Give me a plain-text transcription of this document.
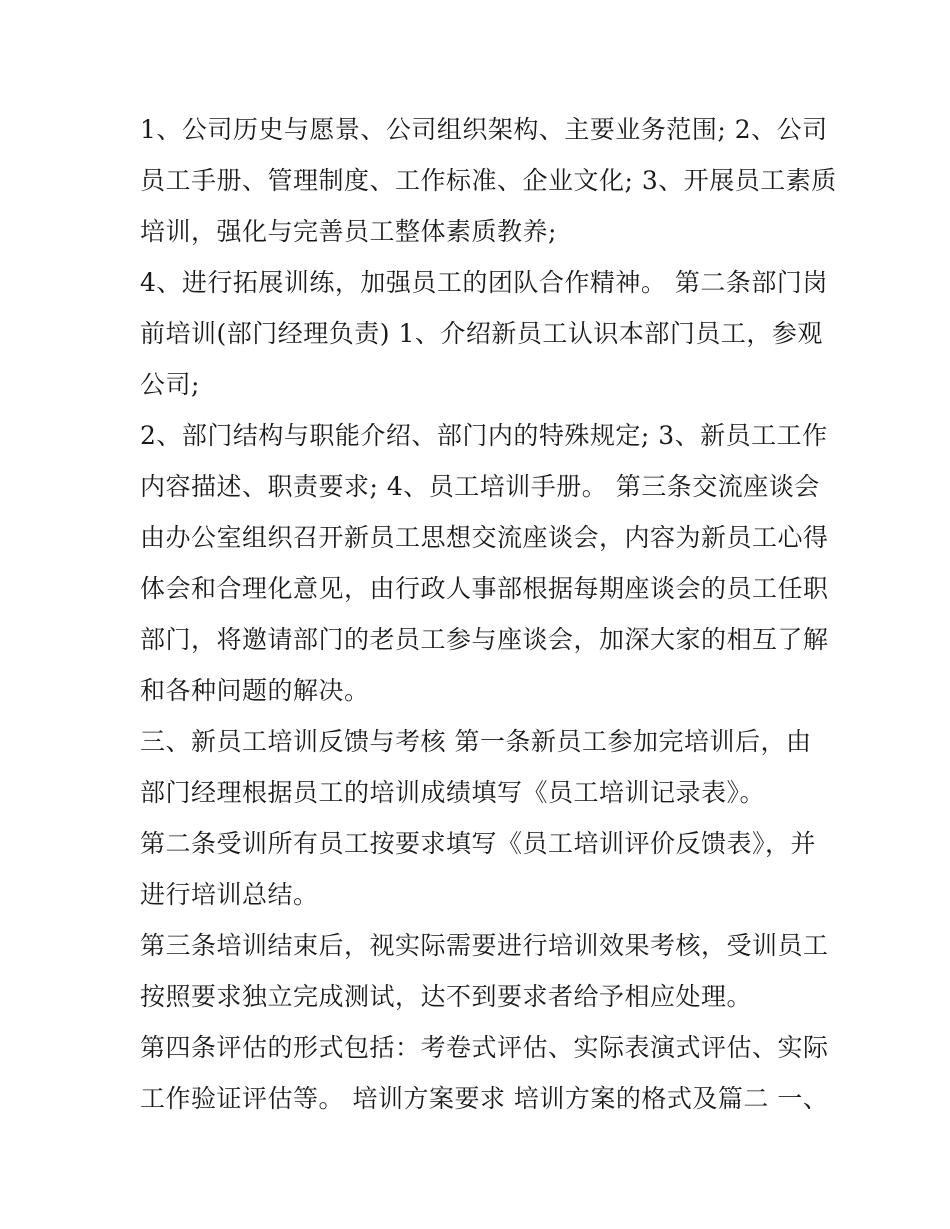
1、公司历史与愿景、公司组织架构、主要业务范围; 2、公司
员工手册、管理制度、工作标准、企业文化; 3、开展员工素质
培训，强化与完善员工整体素质教养;
4、进行拓展训练，加强员工的团队合作精神。 第二条部门岗
前培训(部门经理负责) 1、介绍新员工认识本部门员工，参观
公司;
2、部门结构与职能介绍、部门内的特殊规定; 3、新员工工作
内容描述、职责要求; 4、员工培训手册。 第三条交流座谈会
由办公室组织召开新员工思想交流座谈会，内容为新员工心得
体会和合理化意见，由行政人事部根据每期座谈会的员工任职
部门，将邀请部门的老员工参与座谈会，加深大家的相互了解
和各种问题的解决。
三、新员工培训反馈与考核 第一条新员工参加完培训后，由
部门经理根据员工的培训成绩填写《员工培训记录表》。
第二条受训所有员工按要求填写《员工培训评价反馈表》，并
进行培训总结。
第三条培训结束后，视实际需要进行培训效果考核，受训员工
按照要求独立完成测试，达不到要求者给予相应处理。
第四条评估的形式包括：考卷式评估、实际表演式评估、实际
工作验证评估等。 培训方案要求 培训方案的格式及篇二 一、
